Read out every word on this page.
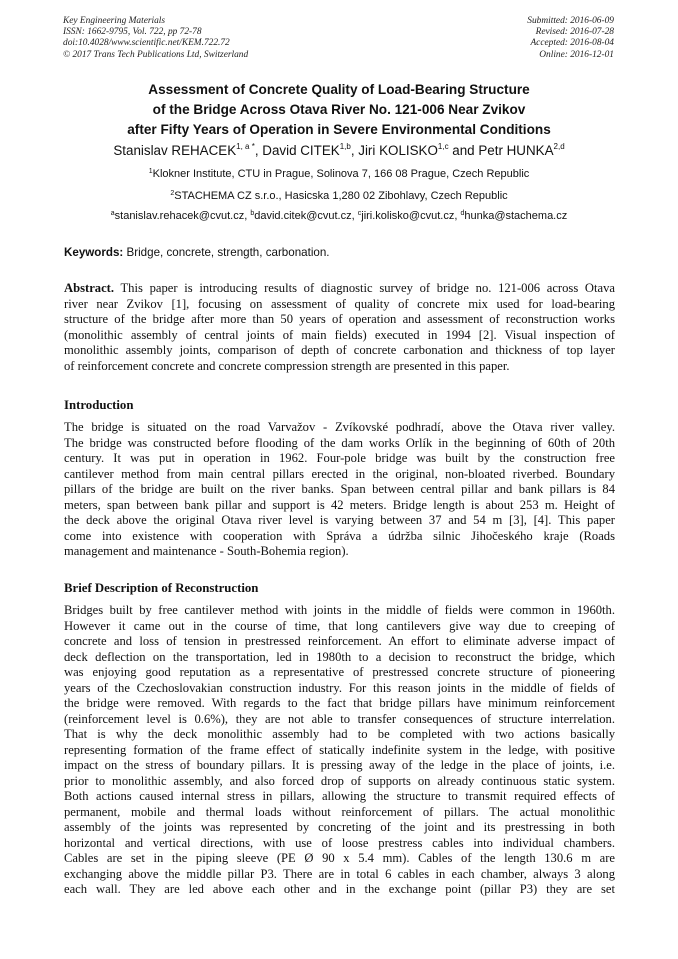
Key Engineering Materials
ISSN: 1662-9795, Vol. 722, pp 72-78
doi:10.4028/www.scientific.net/KEM.722.72
© 2017 Trans Tech Publications Ltd, Switzerland
Submitted: 2016-06-09
Revised: 2016-07-28
Accepted: 2016-08-04
Online: 2016-12-01
Assessment of Concrete Quality of Load-Bearing Structure
of the Bridge Across Otava River No. 121-006 Near Zvikov
after Fifty Years of Operation in Severe Environmental Conditions
Stanislav $REHACEK^{1, a *}$, David CITEK$^{1,b}$, Jiri KOLISKO$^{1,c}$ and Petr HUNKA$^{2,d}$
$^1$Klokner Institute, CTU in Prague, Solinova 7, 166 08 Prague, Czech Republic
$^2$STACHEMA CZ s.r.o., Hasicska 1,280 02 Zibohlavy, Czech Republic
$^a$stanislav.rehacek@cvut.cz, $^b$david.citek@cvut.cz, $^c$jiri.kolisko@cvut.cz, $^d$hunka@stachema.cz
Keywords: Bridge, concrete, strength, carbonation.
Abstract. This paper is introducing results of diagnostic survey of bridge no. 121-006 across Otava
river near Zvikov [1], focusing on assessment of quality of concrete mix used for load-bearing
structure of the bridge after more than 50 years of operation and assessment of reconstruction works
(monolithic assembly of central joints of main fields) executed in 1994 [2]. Visual inspection of
monolithic assembly joints, comparison of depth of concrete carbonation and thickness of top layer
of reinforcement concrete and concrete compression strength are presented in this paper.
Introduction
The bridge is situated on the road Varvažov - Zvíkovské podhradí, above the Otava river valley.
The bridge was constructed before flooding of the dam works Orlík in the beginning of 60th of 20th
century. It was put in operation in 1962. Four-pole bridge was built by the construction free
cantilever method from main central pillars erected in the original, non-bloated riverbed. Boundary
pillars of the bridge are built on the river banks. Span between central pillar and bank pillars is 84
meters, span between bank pillar and support is 42 meters. Bridge length is about 253 m. Height of
the deck above the original Otava river level is varying between 37 and 54 m [3], [4]. This paper
come into existence with cooperation with Správa a údržba silnic Jihočeského kraje (Roads
management and maintenance - South-Bohemia region).
Brief Description of Reconstruction
Bridges built by free cantilever method with joints in the middle of fields were common in 1960th.
However it came out in the course of time, that long cantilevers give way due to creeping of
concrete and loss of tension in prestressed reinforcement. An effort to eliminate adverse impact of
deck deflection on the transportation, led in 1980th to a decision to reconstruct the bridge, which
was enjoying good reputation as a representative of prestressed concrete structure of pioneering
years of the Czechoslovakian construction industry. For this reason joints in the middle of fields of
the bridge were removed. With regards to the fact that bridge pillars have minimum reinforcement
(reinforcement level is 0.6%), they are not able to transfer consequences of structure interrelation.
That is why the deck monolithic assembly had to be completed with two actions basically
representing formation of the frame effect of statically indefinite system in the ledge, with positive
impact on the stress of boundary pillars. It is pressing away of the ledge in the place of joints, i.e.
prior to monolithic assembly, and also forced drop of supports on already continuous static system.
Both actions caused internal stress in pillars, allowing the structure to transmit required effects of
permanent, mobile and thermal loads without reinforcement of pillars. The actual monolithic
assembly of the joints was represented by concreting of the joint and its prestressing in both
horizontal and vertical directions, with use of loose prestress cables into individual chambers.
Cables are set in the piping sleeve (PE Ø 90 x 5.4 mm). Cables of the length 130.6 m are
exchanging above the middle pillar P3. There are in total 6 cables in each chamber, always 3 along
each wall. They are led above each other and in the exchange point (pillar P3) they are set
